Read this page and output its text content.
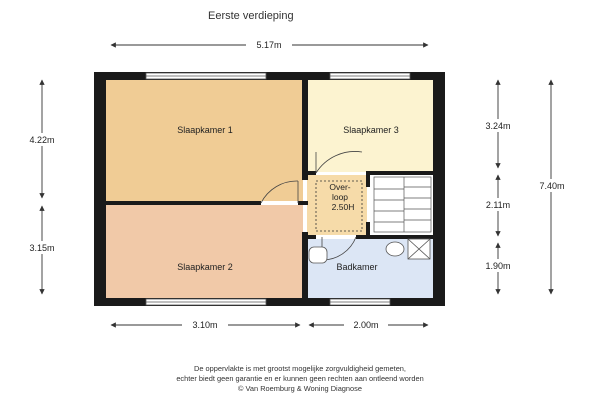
Eerste verdieping
Slaapkamer 1
Slaapkamer 2
Slaapkamer 3
Badkamer
Over-
loop
2.50H
5.17m
3.10m	2.00m
4.22m
3.15m
3.24m
2.11m
1.90m
7.40m
De oppervlakte is met grootst mogelijke zorgvuldigheid gemeten,
echter biedt geen garantie en er kunnen geen rechten aan ontleend worden
© Van Roemburg & Woning Diagnose
